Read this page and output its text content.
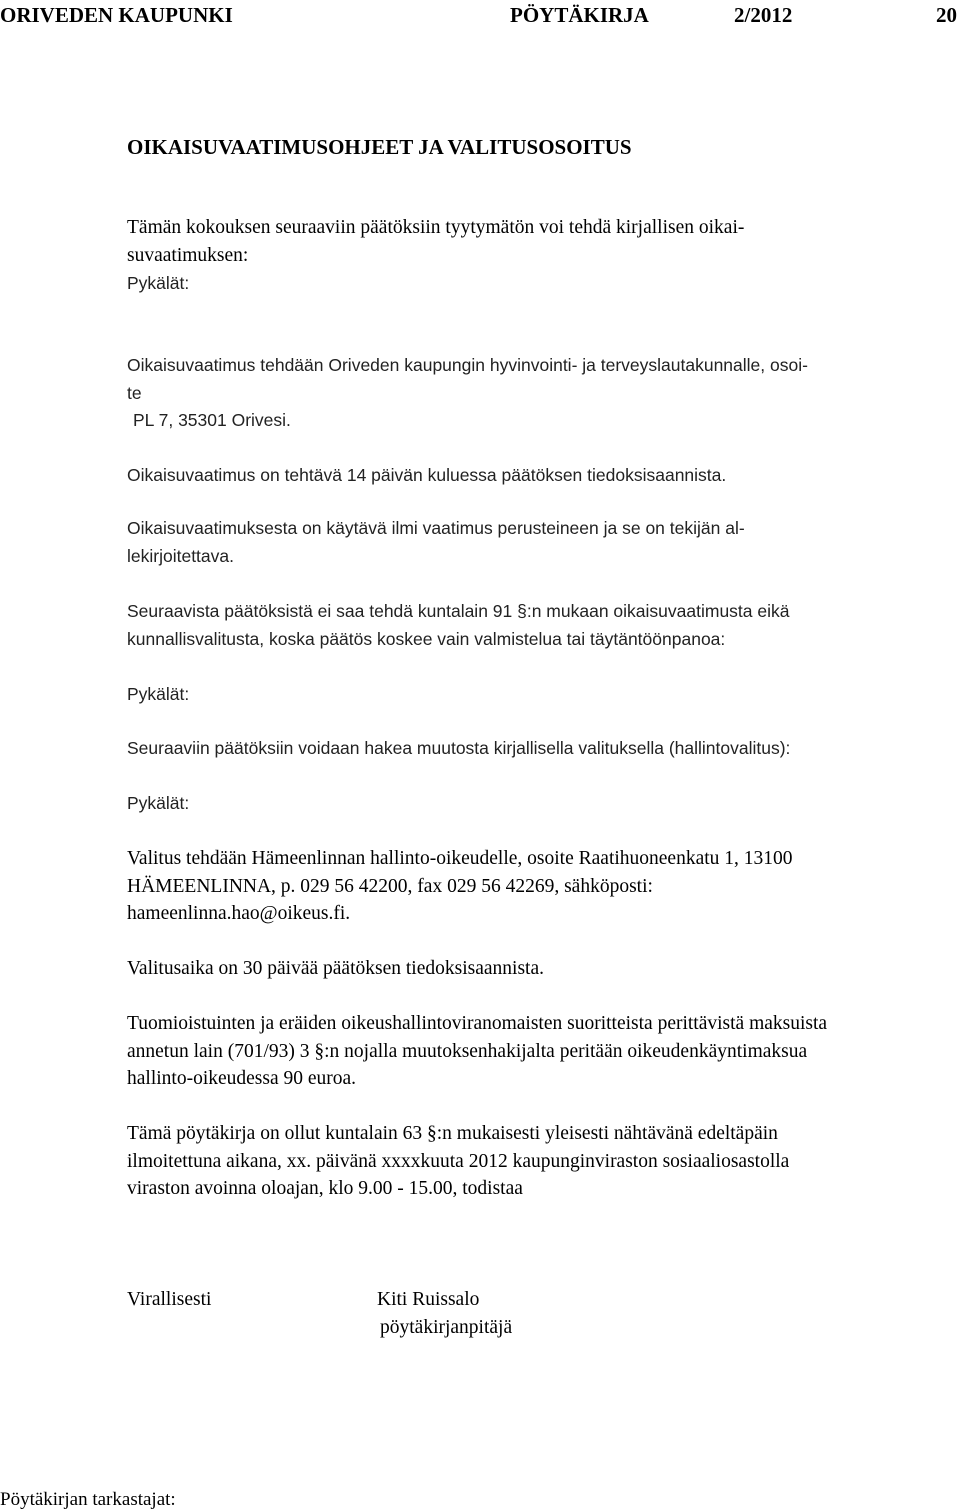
ORIVEDEN KAUPUNKI	PÖYTÄKIRJA	2/2012	20
OIKAISUVAATIMUSOHJEET JA VALITUSOSOITUS

Tämän kokouksen seuraaviin päätöksiin tyytymätön voi tehdä kirjallisen oikai-
suvaatimuksen:

Pykälät:

Oikaisuvaatimus tehdään Oriveden kaupungin hyvinvointi- ja terveyslautakunnalle, osoi-
te
PL 7, 35301 Orivesi.

Oikaisuvaatimus on tehtävä 14 päivän kuluessa päätöksen tiedoksisaannista.

Oikaisuvaatimuksesta on käytävä ilmi vaatimus perusteineen ja se on tekijän al-
lekirjoitettava.

Seuraavista päätöksistä ei saa tehdä kuntalain 91 §:n mukaan oikaisuvaatimusta eikä
kunnallisvalitusta, koska päätös koskee vain valmistelua tai täytäntöönpanoa:

Pykälät:

Seuraaviin päätöksiin voidaan hakea muutosta kirjallisella valituksella (hallintovalitus):

Pykälät:

Valitus tehdään Hämeenlinnan hallinto-oikeudelle, osoite Raatihuoneenkatu 1, 13100
HÄMEENLINNA, p. 029 56 42200, fax 029 56 42269, sähköposti:
hameenlinna.hao@oikeus.fi.

Valitusaika on 30 päivää päätöksen tiedoksisaannista.

Tuomioistuinten ja eräiden oikeushallintoviranomaisten suoritteista perittävistä maksuista
annetun lain (701/93) 3 §:n nojalla muutoksenhakijalta peritään oikeudenkäyntimaksua
hallinto-oikeudessa 90 euroa.

Tämä pöytäkirja on ollut kuntalain 63 §:n mukaisesti yleisesti nähtävänä edeltäpäin
ilmoitettuna aikana, xx. päivänä xxxxkuuta 2012 kaupunginviraston sosiaaliosastolla
viraston avoinna oloajan, klo 9.00 - 15.00, todistaa

Virallisesti	Kiti Ruissalo
pöytäkirjanpitäjä
Pöytäkirjan tarkastajat:
